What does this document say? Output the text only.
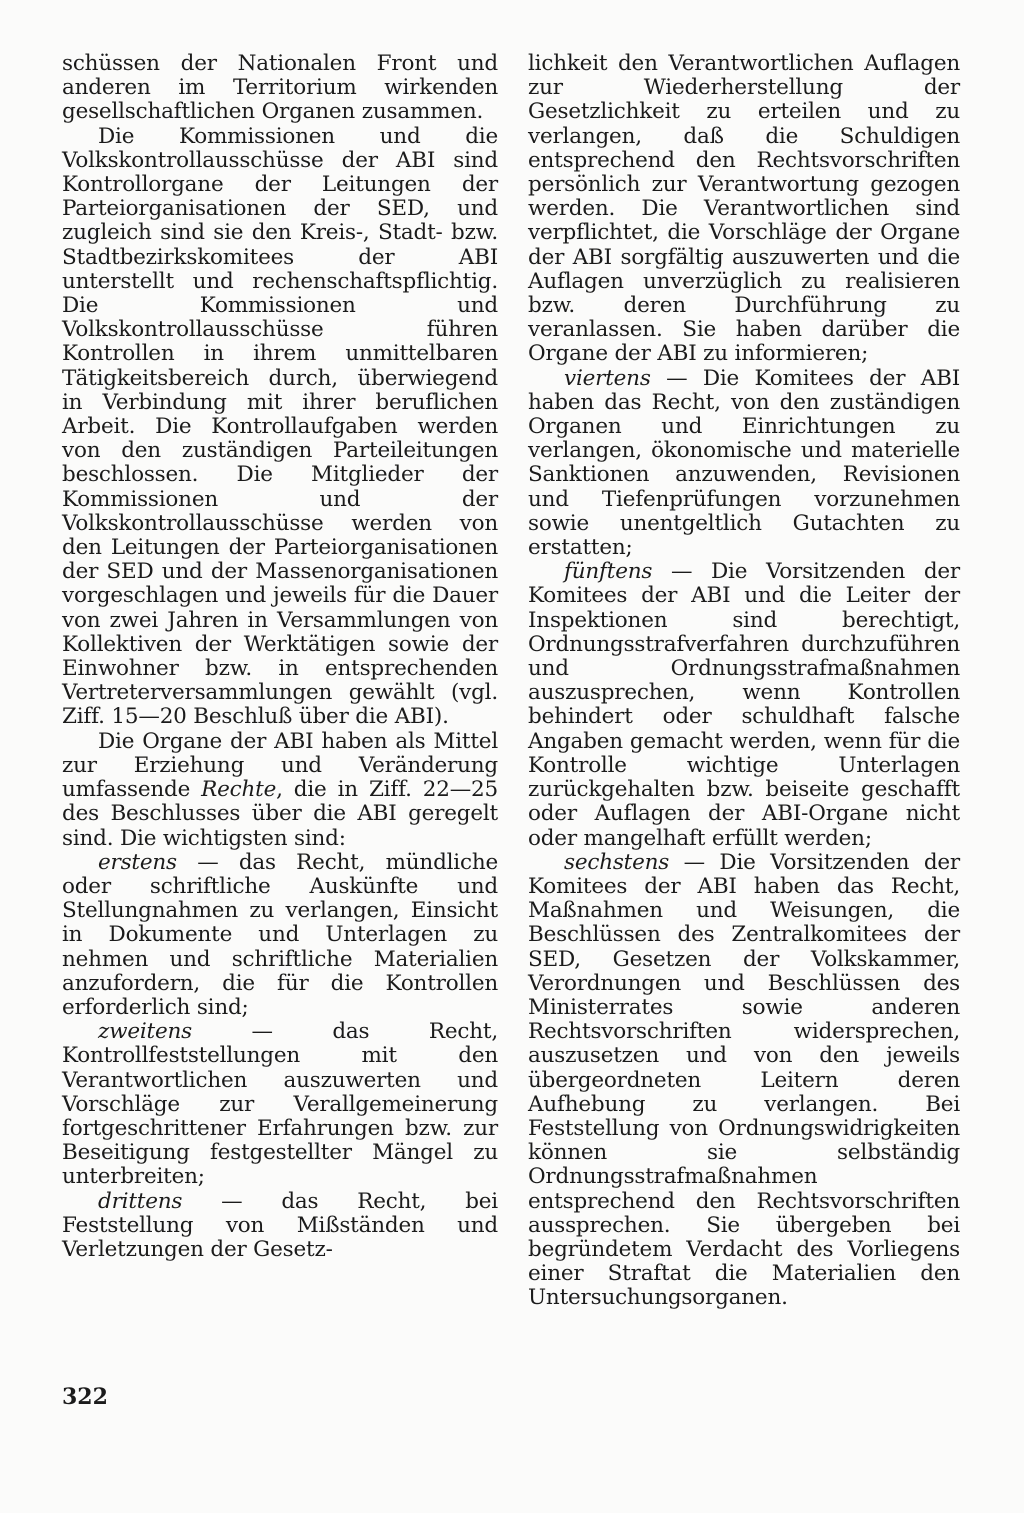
schüssen der Nationalen Front und anderen im Territorium wirkenden gesellschaftlichen Organen zusammen.

Die Kommissionen und die Volkskontrollausschüsse der ABI sind Kontrollorgane der Leitungen der Parteiorganisationen der SED, und zugleich sind sie den Kreis-, Stadt- bzw. Stadtbezirkskomitees der ABI unterstellt und rechenschaftspflichtig. Die Kommissionen und Volkskontrollausschüsse führen Kontrollen in ihrem unmittelbaren Tätigkeitsbereich durch, überwiegend in Verbindung mit ihrer beruflichen Arbeit. Die Kontrollaufgaben werden von den zuständigen Parteileitungen beschlossen. Die Mitglieder der Kommissionen und der Volkskontrollausschüsse werden von den Leitungen der Parteiorganisationen der SED und der Massenorganisationen vorgeschlagen und jeweils für die Dauer von zwei Jahren in Versammlungen von Kollektiven der Werktätigen sowie der Einwohner bzw. in entsprechenden Vertreterversammlungen gewählt (vgl. Ziff. 15—20 Beschluß über die ABI).

Die Organe der ABI haben als Mittel zur Erziehung und Veränderung umfassende Rechte, die in Ziff. 22—25 des Beschlusses über die ABI geregelt sind. Die wichtigsten sind:

erstens — das Recht, mündliche oder schriftliche Auskünfte und Stellungnahmen zu verlangen, Einsicht in Dokumente und Unterlagen zu nehmen und schriftliche Materialien anzufordern, die für die Kontrollen erforderlich sind;

zweitens — das Recht, Kontrollfeststellungen mit den Verantwortlichen auszuwerten und Vorschläge zur Verallgemeinerung fortgeschrittener Erfahrungen bzw. zur Beseitigung festgestellter Mängel zu unterbreiten;

drittens — das Recht, bei Feststellung von Mißständen und Verletzungen der Gesetz-

lichkeit den Verantwortlichen Auflagen zur Wiederherstellung der Gesetzlichkeit zu erteilen und zu verlangen, daß die Schuldigen entsprechend den Rechtsvorschriften persönlich zur Verantwortung gezogen werden. Die Verantwortlichen sind verpflichtet, die Vorschläge der Organe der ABI sorgfältig auszuwerten und die Auflagen unverzüglich zu realisieren bzw. deren Durchführung zu veranlassen. Sie haben darüber die Organe der ABI zu informieren;

viertens — Die Komitees der ABI haben das Recht, von den zuständigen Organen und Einrichtungen zu verlangen, ökonomische und materielle Sanktionen anzuwenden, Revisionen und Tiefenprüfungen vorzunehmen sowie unentgeltlich Gutachten zu erstatten;

fünftens — Die Vorsitzenden der Komitees der ABI und die Leiter der Inspektionen sind berechtigt, Ordnungsstrafverfahren durchzuführen und Ordnungsstrafmaßnahmen auszusprechen, wenn Kontrollen behindert oder schuldhaft falsche Angaben gemacht werden, wenn für die Kontrolle wichtige Unterlagen zurückgehalten bzw. beiseite geschafft oder Auflagen der ABI-Organe nicht oder mangelhaft erfüllt werden;

sechstens — Die Vorsitzenden der Komitees der ABI haben das Recht, Maßnahmen und Weisungen, die Beschlüssen des Zentralkomitees der SED, Gesetzen der Volkskammer, Verordnungen und Beschlüssen des Ministerrates sowie anderen Rechtsvorschriften widersprechen, auszusetzen und von den jeweils übergeordneten Leitern deren Aufhebung zu verlangen. Bei Feststellung von Ordnungswidrigkeiten können sie selbständig Ordnungsstrafmaßnahmen entsprechend den Rechtsvorschriften aussprechen. Sie übergeben bei begründetem Verdacht des Vorliegens einer Straftat die Materialien den Untersuchungsorganen.

322
